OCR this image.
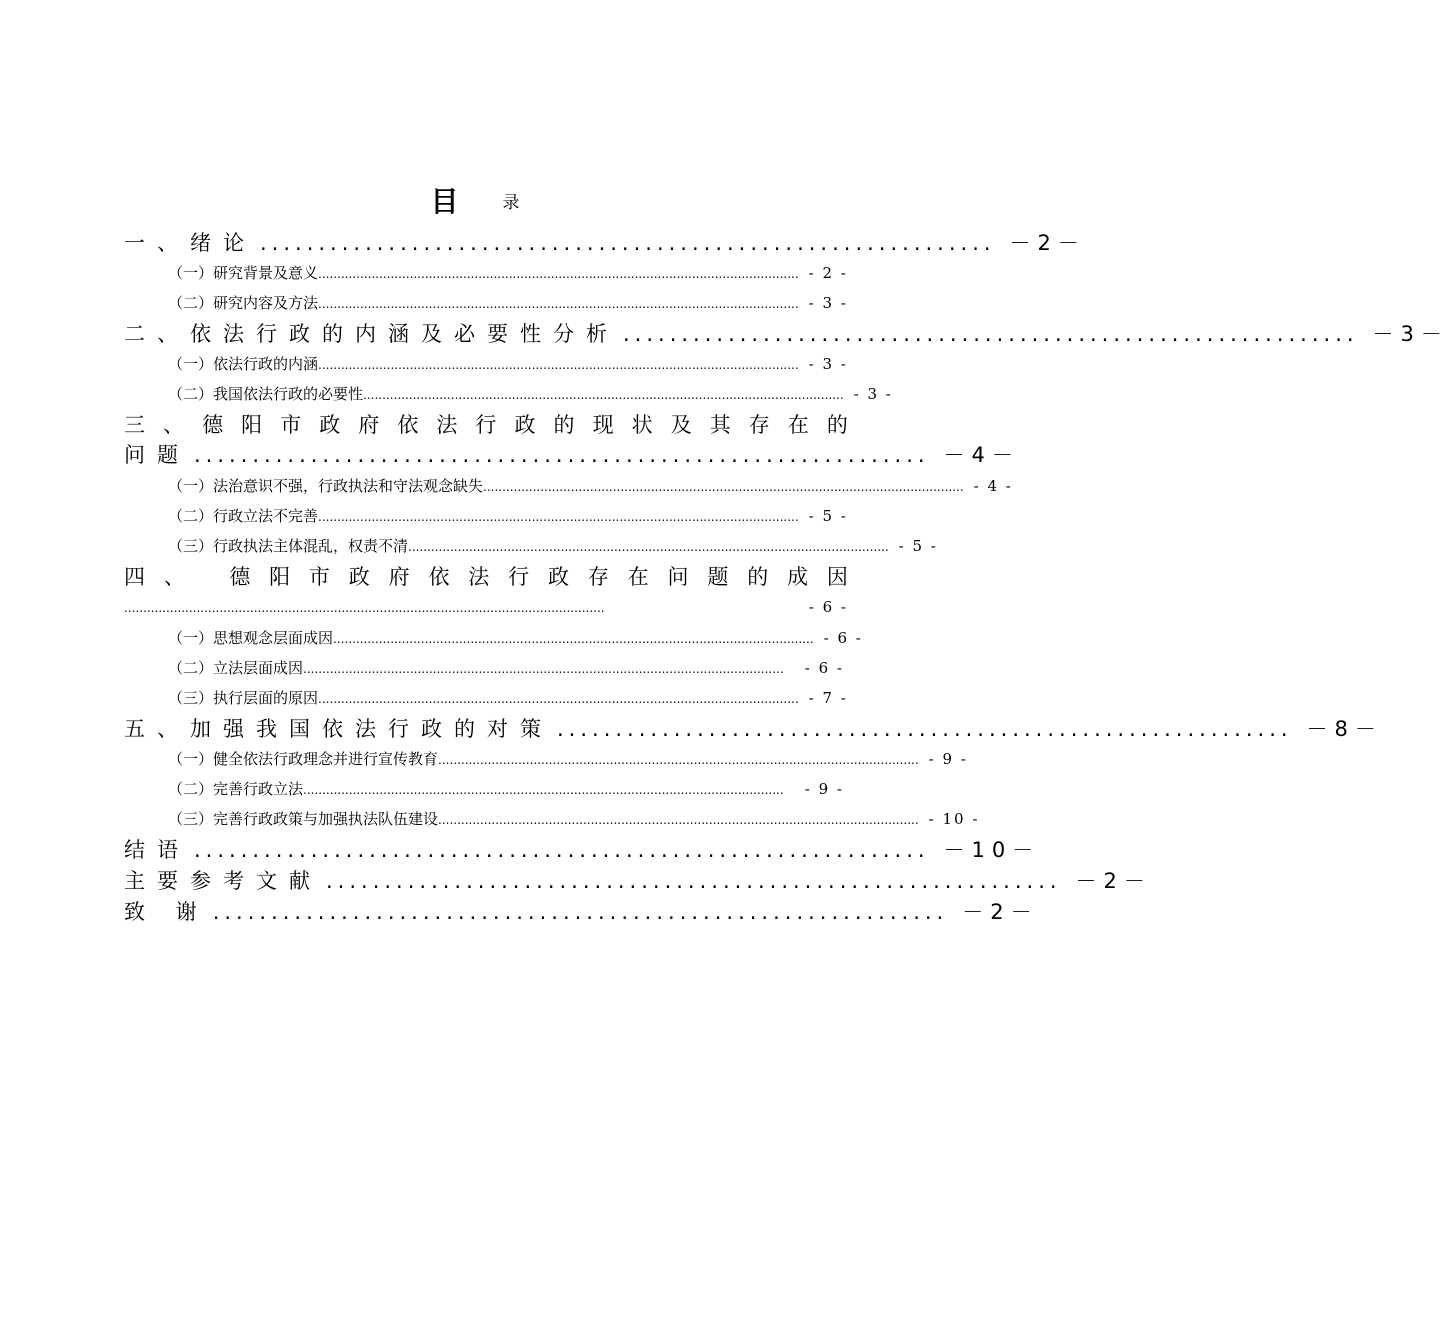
目	录
一、绪论 ............................................................... －2－
（一）研究背景及意义 .............................................................................................................................. - 2 -
（二）研究内容及方法 .............................................................................................................................. - 3 -
二、依法行政的内涵及必要性分析 ............................................................... －3－
（一）依法行政的内涵 .............................................................................................................................. - 3 -
（二）我国依法行政的必要性 .............................................................................................................................. - 3 -
三 、 德 阳 市 政 府 依 法 行 政 的 现 状 及 其 存 在 的
问题 ............................................................... －4－
（一）法治意识不强，行政执法和守法观念缺失 .............................................................................................................................. - 4 -
（二）行政立法不完善 .............................................................................................................................. - 5 -
（三）行政执法主体混乱，权责不清 .............................................................................................................................. - 5 -
四 、
德 阳 市 政 府 依 法 行 政 存 在 问 题 的 成 因
..............................................................................................................................	- 6 -
（一）思想观念层面成因 .............................................................................................................................. - 6 -
（二）立法层面成因 ..............................................................................................................................	- 6 -
（三）执行层面的原因 .............................................................................................................................. - 7 -
五、加强我国依法行政的对策 ............................................................... －8－
（一）健全依法行政理念并进行宣传教育 .............................................................................................................................. - 9 -
（二）完善行政立法 ..............................................................................................................................	- 9 -
（三）完善行政政策与加强执法队伍建设 .............................................................................................................................. - 10 -
结语 ............................................................... －10－
主要参考文献 ............................................................... －2－
致 谢 ............................................................... －2－
